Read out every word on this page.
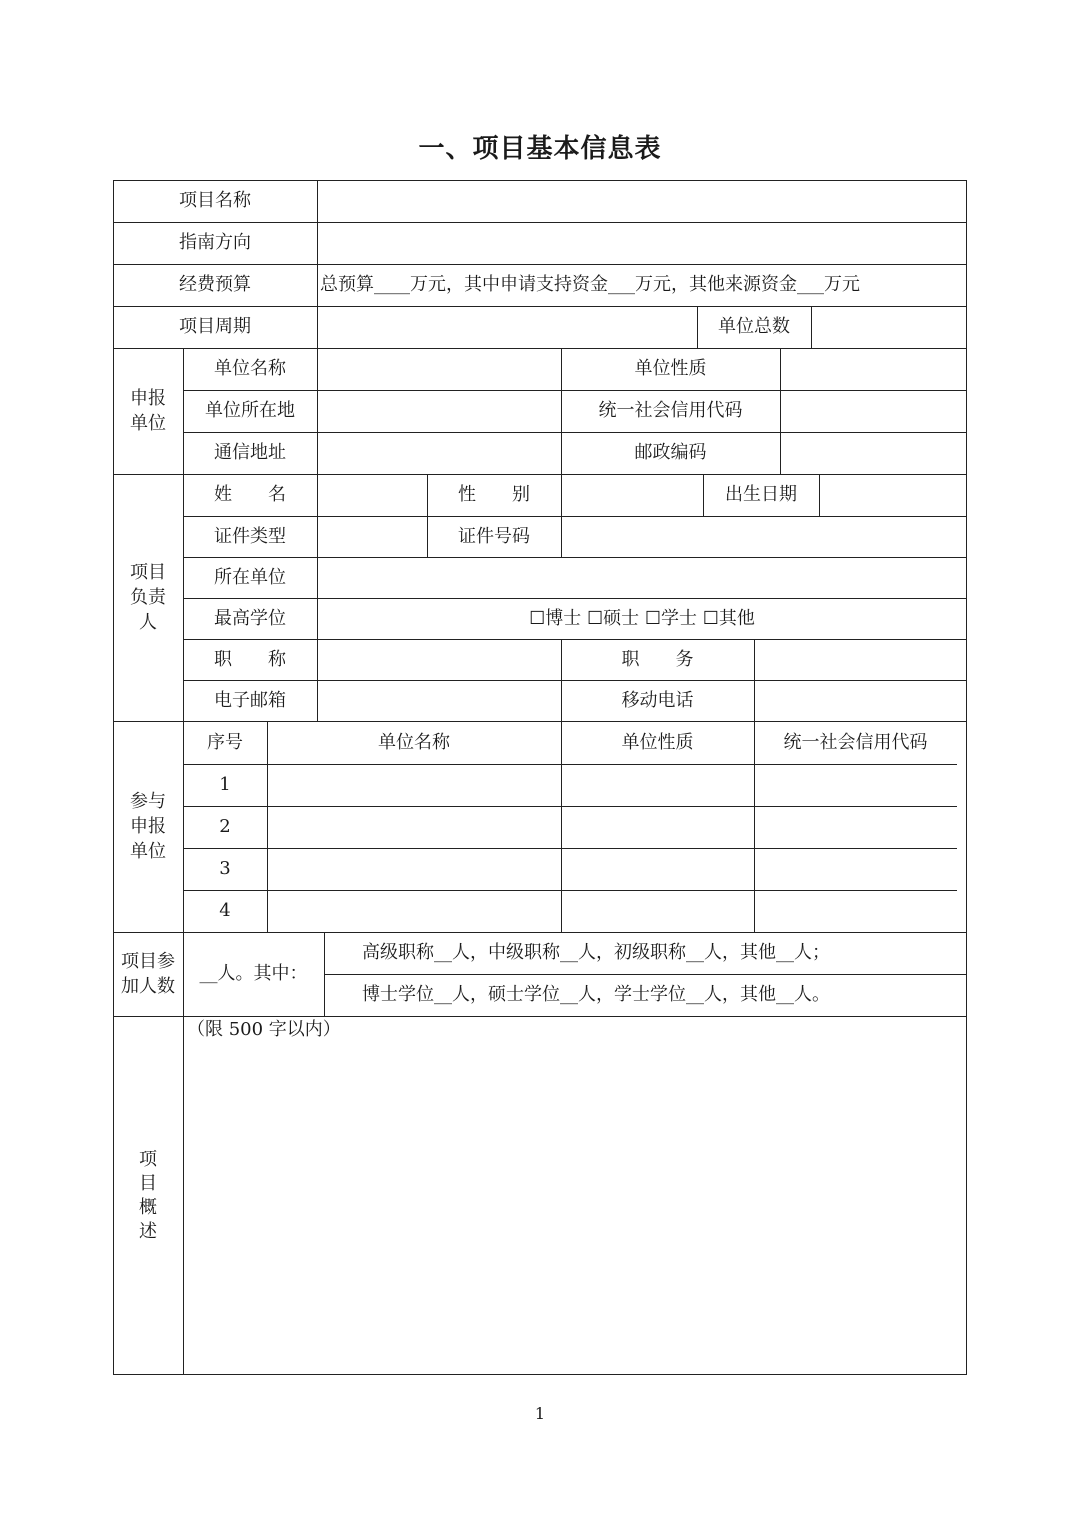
一、项目基本信息表
项目名称
指南方向
经费预算	总预算____万元，其中申请支持资金___万元，其他来源资金___万元
项目周期	单位总数
申报
单位
单位名称	单位性质
单位所在地	统一社会信用代码
通信地址	邮政编码
项目
负责
人
姓　　名	性　　别	出生日期
证件类型	证件号码
所在单位
最高学位	☐博士 ☐硕士 ☐学士 ☐其他
职　　称	职　　务
电子邮箱	移动电话
参与
申报
单位
序号	单位名称	单位性质	统一社会信用代码
1
2
3
4
项目参
加人数
__人。其中：
高级职称__人，中级职称__人，初级职称__人，其他__人；
博士学位__人，硕士学位__人，学士学位__人，其他__人。
项
目
概
述
（限 500 字以内）
1
